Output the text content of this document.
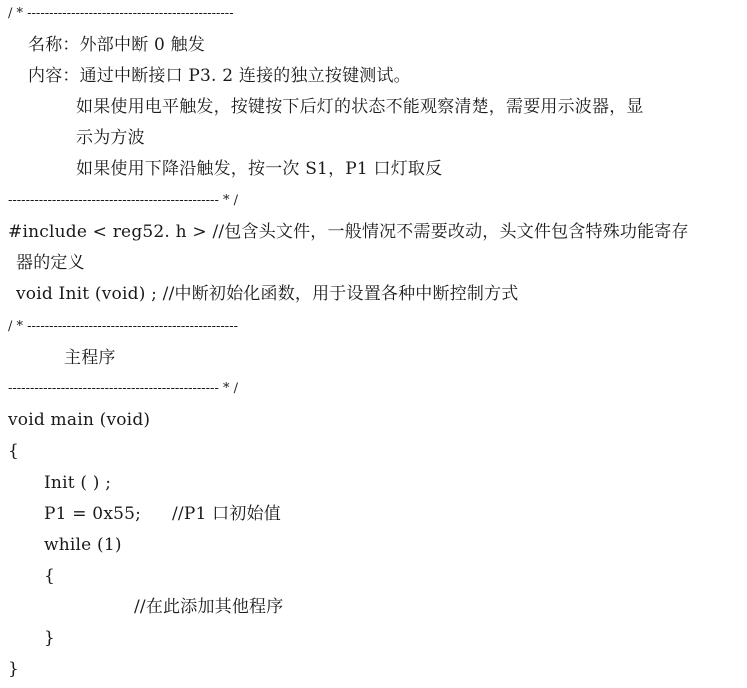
/ * -----------------------------------------------
名称：外部中断 0 触发
内容：通过中断接口 P3. 2 连接的独立按键测试。
如果使用电平触发，按键按下后灯的状态不能观察清楚，需要用示波器，显
示为方波
如果使用下降沿触发，按一次 S1，P1 口灯取反
------------------------------------------------ * /
#include < reg52. h > //包含头文件，一般情况不需要改动，头文件包含特殊功能寄存
器的定义
void Init (void) ; //中断初始化函数，用于设置各种中断控制方式
/ * ------------------------------------------------
主程序
------------------------------------------------ * /
void main (void)
{
Init ( ) ;
P1 = 0x55; //P1 口初始值
while (1)
{
//在此添加其他程序
}
}
